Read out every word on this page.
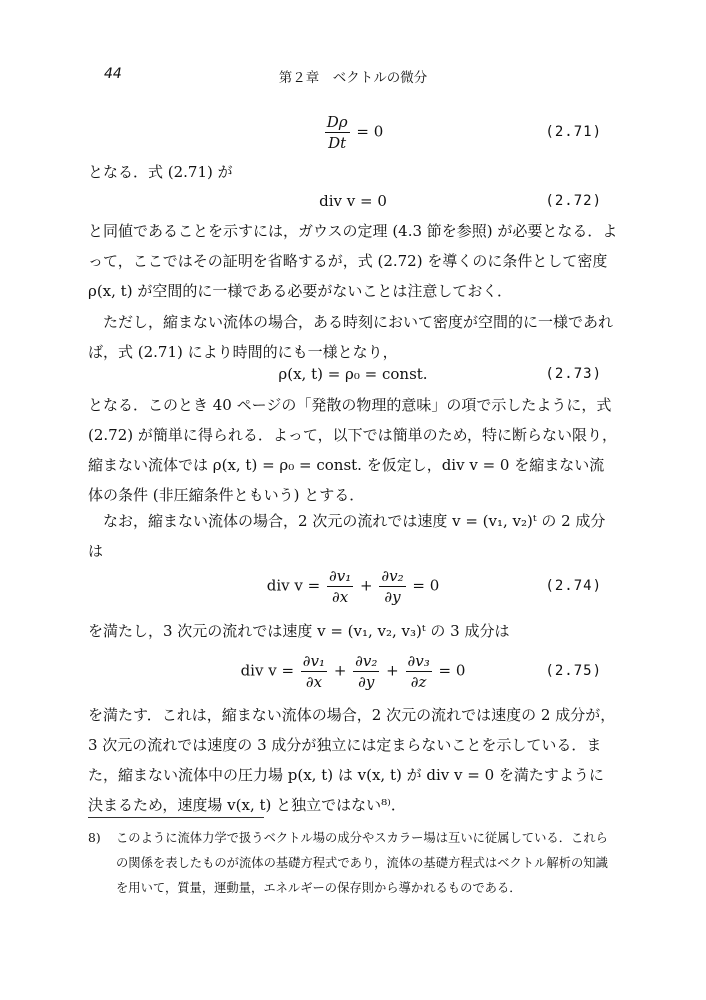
44	第２章　ベクトルの微分
$\frac{D\rho}{Dt} = 0$	(2.71)
となる．式 (2.71) が
div v = 0	(2.72)
と同値であることを示すには，ガウスの定理 (4.3 節を参照) が必要となる．よって，ここではその証明を省略するが，式 (2.72) を導くのに条件として密度 ρ(x, t) が空間的に一様である必要がないことは注意しておく．
ただし，縮まない流体の場合，ある時刻において密度が空間的に一様であれば，式 (2.71) により時間的にも一様となり，
ρ(x, t) = ρ₀ = const.	(2.73)
となる．このとき 40 ページの「発散の物理的意味」の項で示したように，式 (2.72) が簡単に得られる．よって，以下では簡単のため，特に断らない限り，縮まない流体では ρ(x, t) = ρ₀ = const. を仮定し，div v = 0 を縮まない流体の条件 (非圧縮条件ともいう) とする．
なお，縮まない流体の場合，2 次元の流れでは速度 v = (v₁, v₂)ᵗ の 2 成分は
div $v = \frac{\text{∂v₁}}{\partial x} + \frac{\text{∂v₂}}{\partial y} = 0$	(2.74)
を満たし，3 次元の流れでは速度 v = (v₁, v₂, v₃)ᵗ の 3 成分は
div $v = \frac{\text{∂v₁}}{\partial x} + \frac{\text{∂v₂}}{\partial y} + \frac{\text{∂v₃}}{\partial z} = 0$	(2.75)
を満たす．これは，縮まない流体の場合，2 次元の流れでは速度の 2 成分が，3 次元の流れでは速度の 3 成分が独立には定まらないことを示している．また，縮まない流体中の圧力場 p(x, t) は v(x, t) が div v = 0 を満たすように決まるため，速度場 v(x, t) と独立ではない⁸⁾．
8) このように流体力学で扱うベクトル場の成分やスカラー場は互いに従属している．これらの関係を表したものが流体の基礎方程式であり，流体の基礎方程式はベクトル解析の知識を用いて，質量，運動量，エネルギーの保存則から導かれるものである．
